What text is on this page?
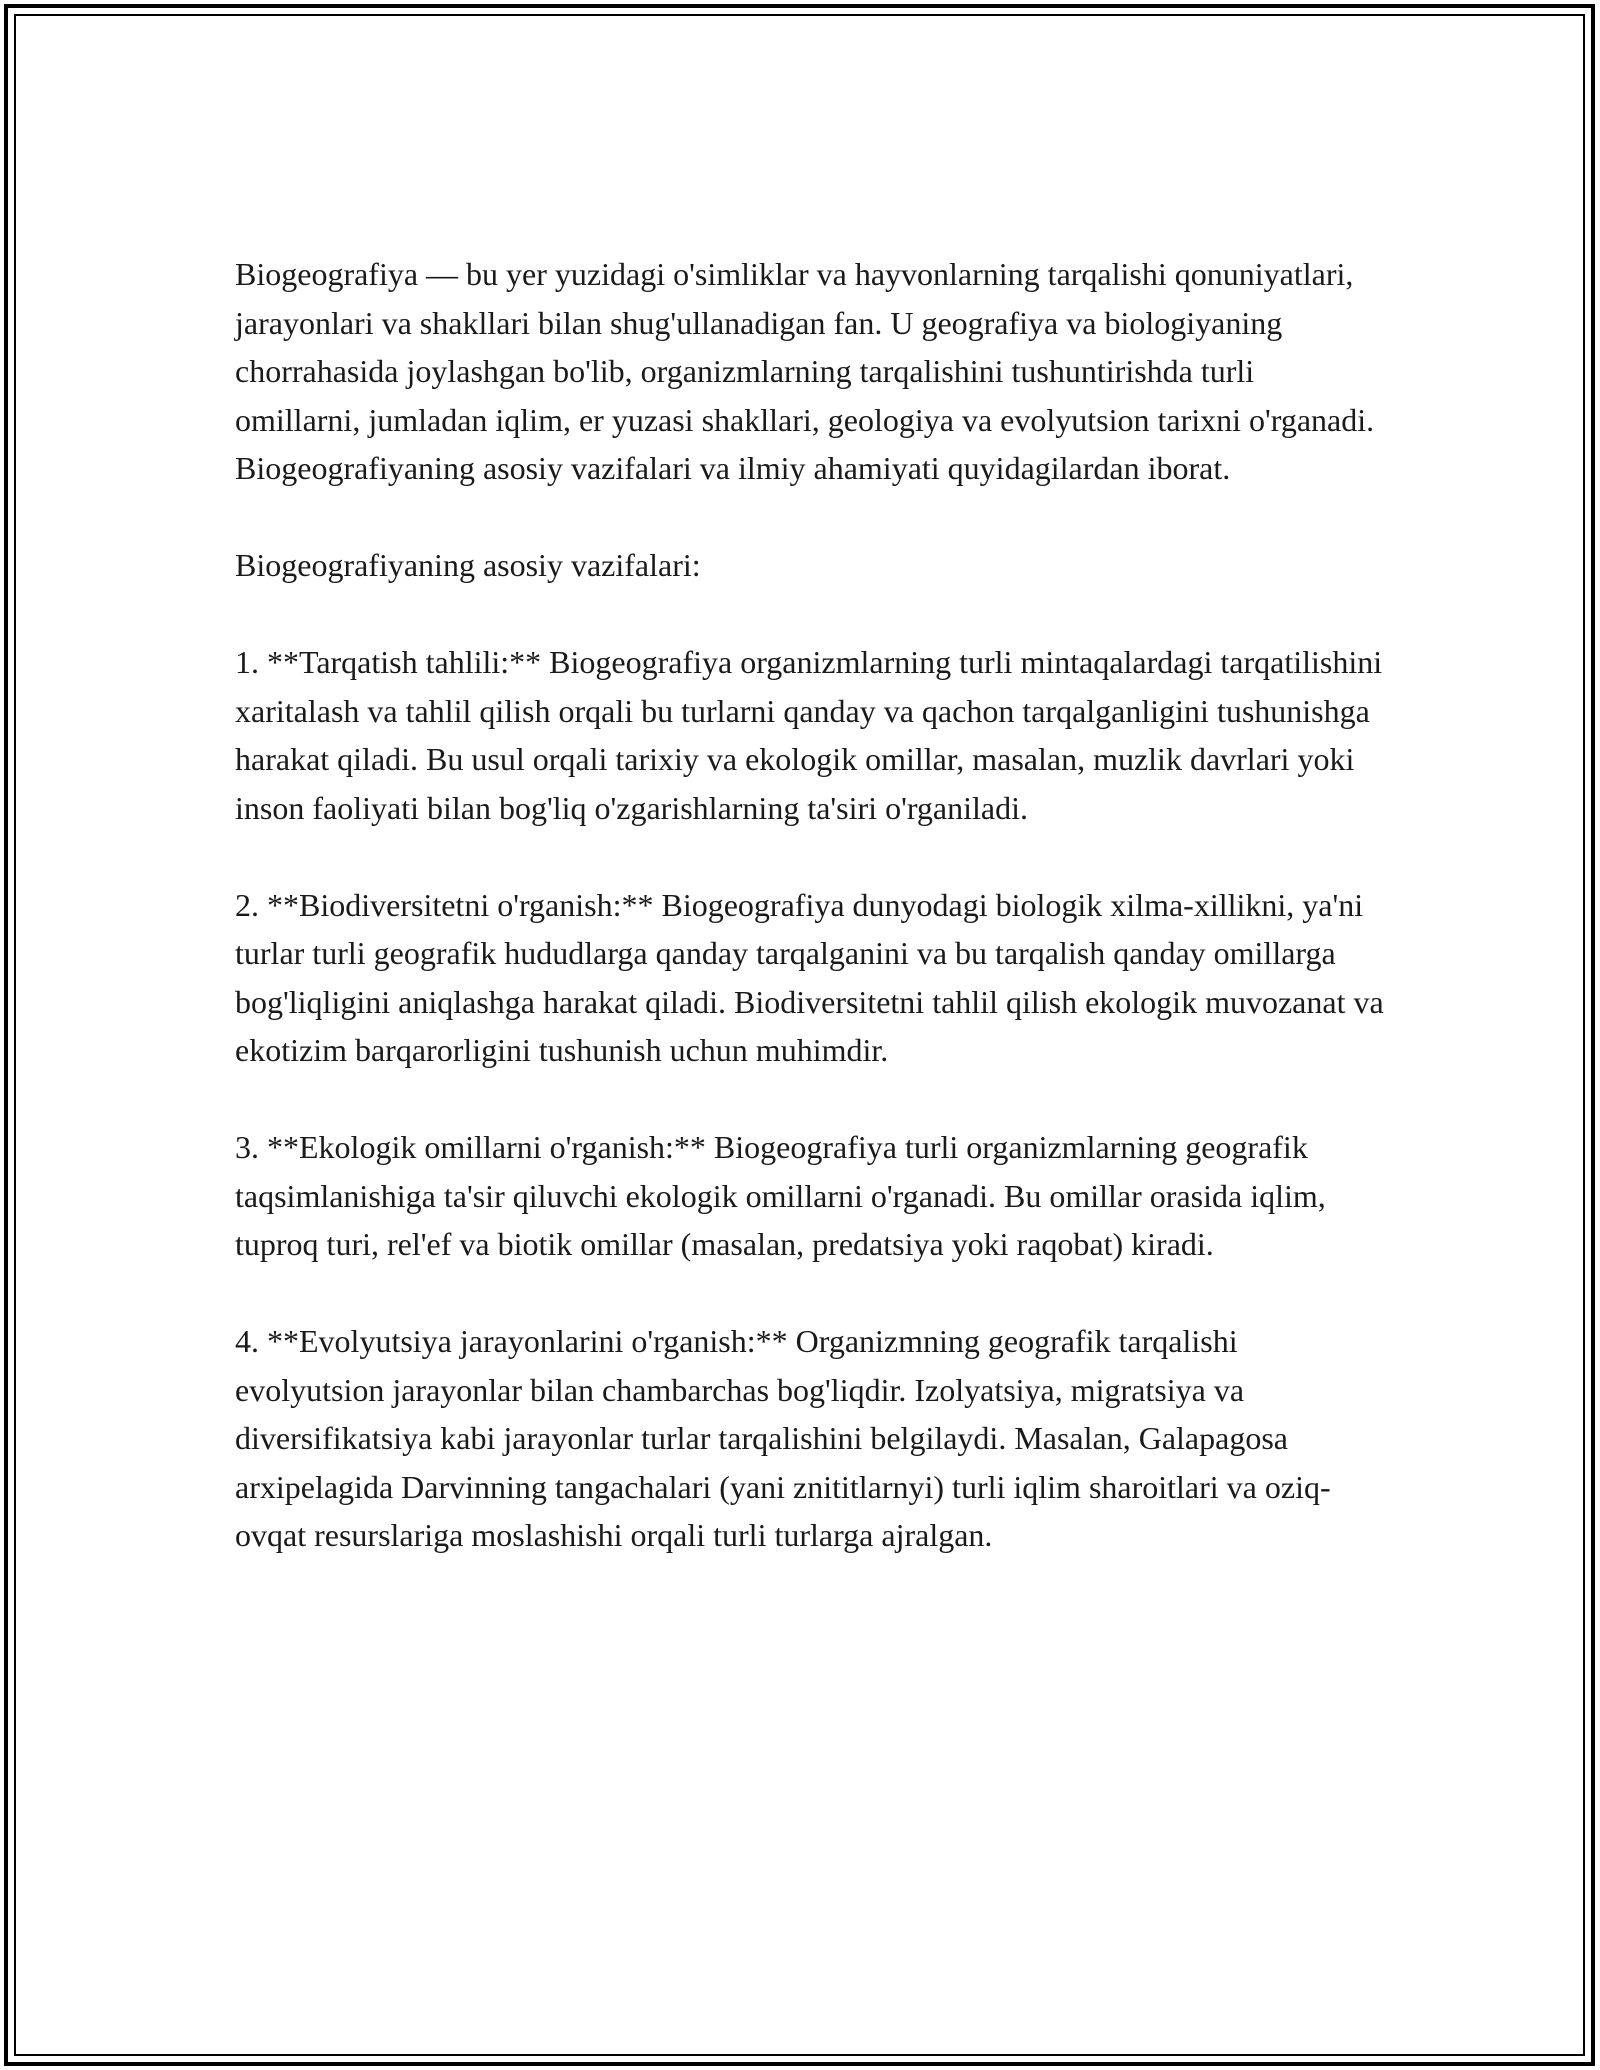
Biogeografiya — bu yer yuzidagi o'simliklar va hayvonlarning tarqalishi qonuniyatlari, jarayonlari va shakllari bilan shug'ullanadigan fan. U geografiya va biologiyaning chorrahasida joylashgan bo'lib, organizmlarning tarqalishini tushuntirishda turli omillarni, jumladan iqlim, er yuzasi shakllari, geologiya va evolyutsion tarixni o'rganadi. Biogeografiyaning asosiy vazifalari va ilmiy ahamiyati quyidagilardan iborat.

Biogeografiyaning asosiy vazifalari:

1. **Tarqatish tahlili:** Biogeografiya organizmlarning turli mintaqalardagi tarqatilishini xaritalash va tahlil qilish orqali bu turlarni qanday va qachon tarqalganligini tushunishga harakat qiladi. Bu usul orqali tarixiy va ekologik omillar, masalan, muzlik davrlari yoki inson faoliyati bilan bog'liq o'zgarishlarning ta'siri o'rganiladi.

2. **Biodiversitetni o'rganish:** Biogeografiya dunyodagi biologik xilma-xillikni, ya'ni turlar turli geografik hududlarga qanday tarqalganini va bu tarqalish qanday omillarga bog'liqligini aniqlashga harakat qiladi. Biodiversitetni tahlil qilish ekologik muvozanat va ekotizim barqarorligini tushunish uchun muhimdir.

3. **Ekologik omillarni o'rganish:** Biogeografiya turli organizmlarning geografik taqsimlanishiga ta'sir qiluvchi ekologik omillarni o'rganadi. Bu omillar orasida iqlim, tuproq turi, rel'ef va biotik omillar (masalan, predatsiya yoki raqobat) kiradi.

4. **Evolyutsiya jarayonlarini o'rganish:** Organizmning geografik tarqalishi evolyutsion jarayonlar bilan chambarchas bog'liqdir. Izolyatsiya, migratsiya va diversifikatsiya kabi jarayonlar turlar tarqalishini belgilaydi. Masalan, Galapagosa arxipelagida Darvinning tangachalari (yani znititlarnyi) turli iqlim sharoitlari va oziq-ovqat resurslariga moslashishi orqali turli turlarga ajralgan.
